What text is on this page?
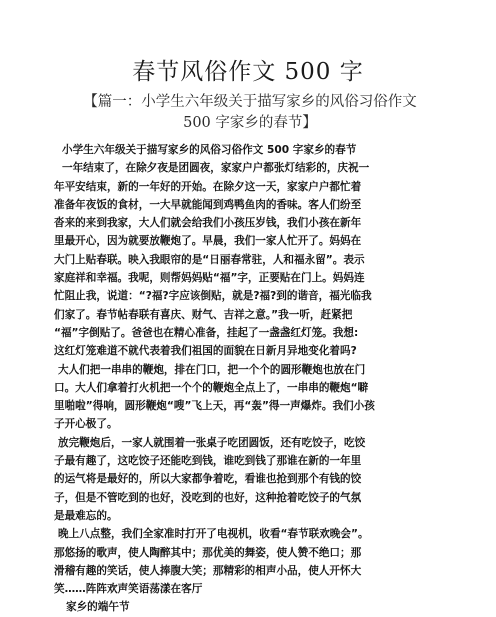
春节风俗作文 500 字
【篇一：小学生六年级关于描写家乡的风俗习俗作文
500 字家乡的春节】
小学生六年级关于描写家乡的风俗习俗作文 500 字家乡的春节
一年结束了，在除夕夜是团圆夜，家家户户都张灯结彩的，庆祝一
年平安结束，新的一年好的开始。在除夕这一天，家家户户都忙着
准备年夜饭的食材，一大早就能闻到鸡鸭鱼肉的香味。客人们纷至
沓来的来到我家，大人们就会给我们小孩压岁钱，我们小孩在新年
里最开心，因为就要放鞭炮了。早晨，我们一家人忙开了。妈妈在
大门上贴春联。映入我眼帘的是“日丽春常驻，人和福永留”。表示
家庭祥和幸福。我呢，则帮妈妈贴“福”字，正要贴在门上。妈妈连
忙阻止我，说道：“?福?字应该倒贴，就是?福?到的谐音，福光临我
们家了。春节帖春联有喜庆、财气、吉祥之意。”我一听，赶紧把
“福”字倒贴了。爸爸也在精心准备，挂起了一盏盏红灯笼。我想:
这红灯笼难道不就代表着我们祖国的面貌在日新月异地变化着吗?
大人们把一串串的鞭炮，排在门口，把一个个的圆形鞭炮也放在门
口。大人们拿着打火机把一个个的鞭炮全点上了，一串串的鞭炮“噼
里啪啦”得响，圆形鞭炮“嗖”飞上天，再“轰”得一声爆炸。我们小孩
子开心极了。
放完鞭炮后，一家人就围着一张桌子吃团圆饭，还有吃饺子，吃饺
子最有趣了，这吃饺子还能吃到钱，谁吃到钱了那谁在新的一年里
的运气将是最好的，所以大家都争着吃，看谁也抢到那个有钱的饺
子，但是不管吃到的也好，没吃到的也好，这种抢着吃饺子的气氛
是最难忘的。
晚上八点整，我们全家准时打开了电视机，收看“春节联欢晚会”。
那悠扬的歌声，使人陶醉其中；那优美的舞姿，使人赞不绝口；那
滑稽有趣的笑话，使人捧腹大笑；那精彩的相声小品，使人开怀大
笑……阵阵欢声笑语荡漾在客厅
家乡的端午节
